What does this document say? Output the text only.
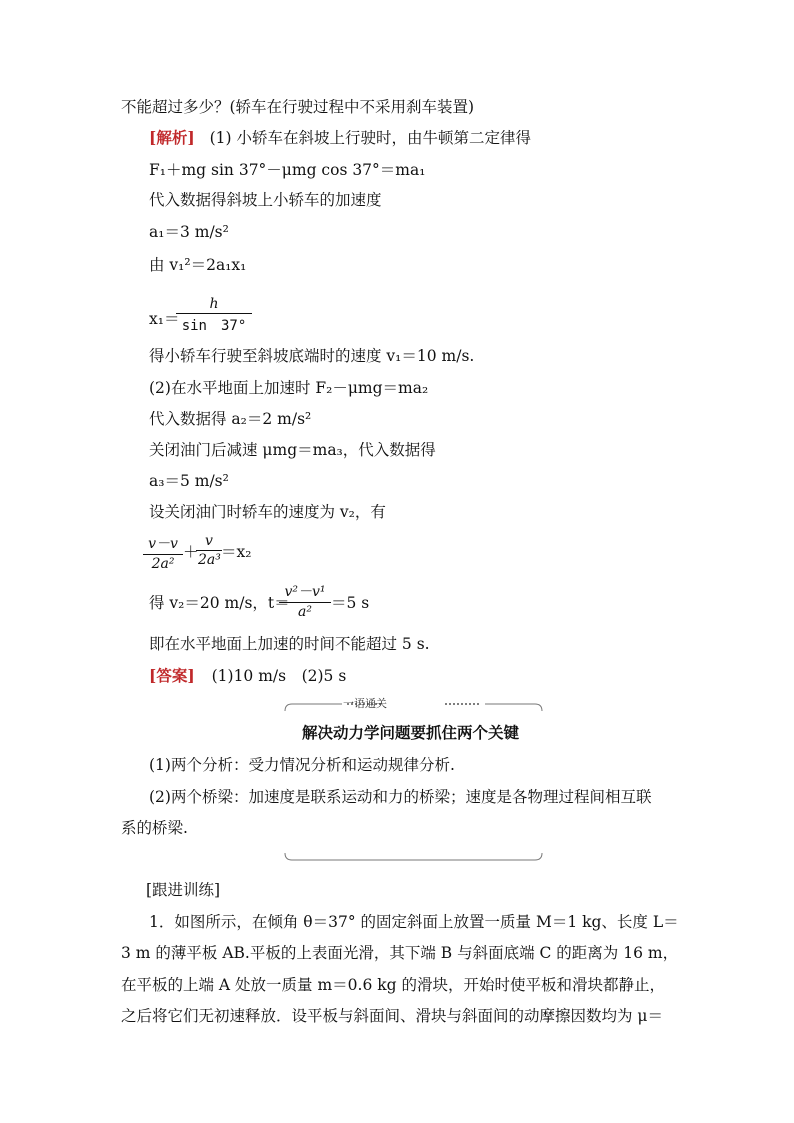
不能超过多少？(轿车在行驶过程中不采用刹车装置)
[解析] (1) 小轿车在斜坡上行驶时，由牛顿第二定律得
F₁＋mg sin 37°－μmg cos 37°＝ma₁
代入数据得斜坡上小轿车的加速度
a₁＝3 m/s²
由 v₁²＝2a₁x₁
x₁＝
$\frac{h}{\sin 37^\circ}$
得小轿车行驶至斜坡底端时的速度 v₁＝10 m/s.
(2)在水平地面上加速时 F₂－μmg＝ma₂
代入数据得 a₂＝2 m/s²
关闭油门后减速 μmg＝ma₃，代入数据得
a₃＝5 m/s²
设关闭油门时轿车的速度为 v₂，有
$\frac{v-v}{\text{2a²}}$ ＋
$\frac{v}{\text{2a³}} =x_2$
得 v₂＝20 m/s，t＝
$\frac{\text{v²－v¹}}{\text{a²}} =5$ s
即在水平地面上加速的时间不能超过 5 s.
[答案] (1)10 m/s　(2)5 s
一语通关
解决动力学问题要抓住两个关键
(1)两个分析：受力情况分析和运动规律分析.
(2)两个桥梁：加速度是联系运动和力的桥梁；速度是各物理过程间相互联
系的桥梁.
[跟进训练]
1．如图所示，在倾角 θ＝37° 的固定斜面上放置一质量 M＝1 kg、长度 L＝
3 m 的薄平板 AB.平板的上表面光滑，其下端 B 与斜面底端 C 的距离为 16 m，
在平板的上端 A 处放一质量 m＝0.6 kg 的滑块，开始时使平板和滑块都静止，
之后将它们无初速释放．设平板与斜面间、滑块与斜面间的动摩擦因数均为 μ＝
